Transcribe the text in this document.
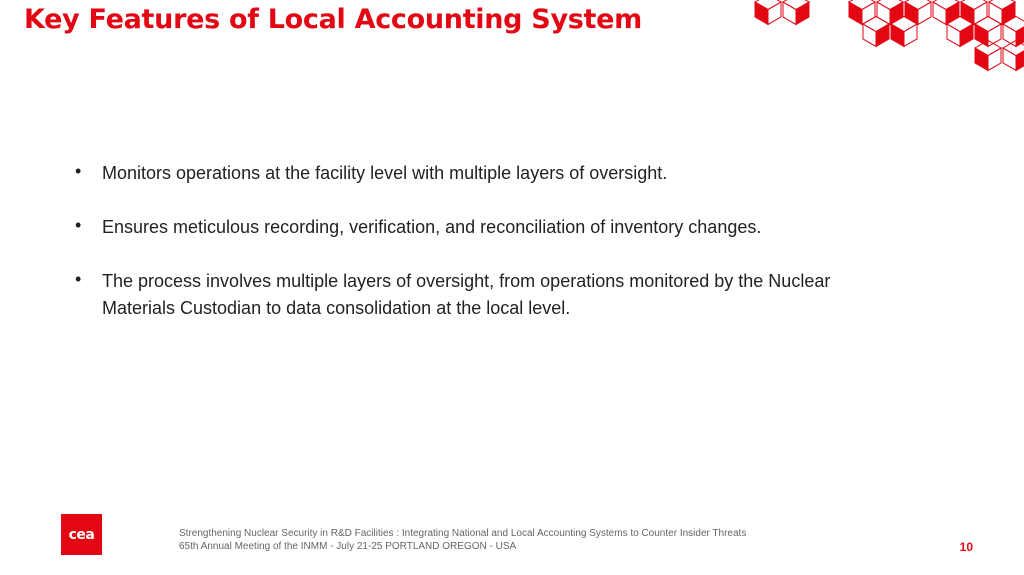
Key Features of Local Accounting System
• Monitors operations at the facility level with multiple layers of oversight.
• Ensures meticulous recording, verification, and reconciliation of inventory changes.
• The process involves multiple layers of oversight, from operations monitored by the Nuclear Materials Custodian to data consolidation at the local level.
cea	Strengthening Nuclear Security in R&D Facilities : Integrating National and Local Accounting Systems to Counter Insider Threats
65th Annual Meeting of the INMM - July 21-25 PORTLAND OREGON - USA	10
